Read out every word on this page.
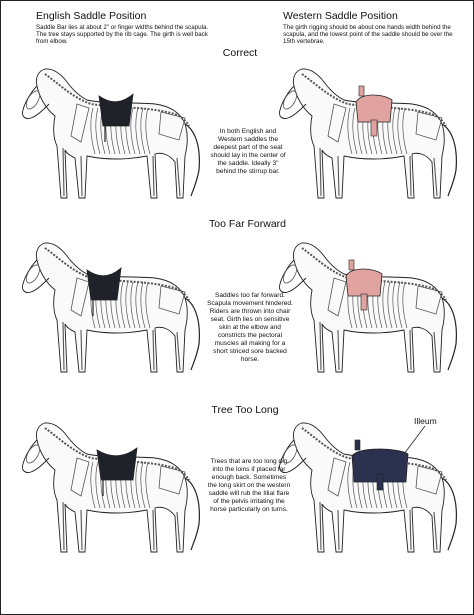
English Saddle Position
Saddle Bar lies at about 2" or finger widths behind the scapula. The tree stays supported by the rib cage. The girth is well back from elbow.
Western Saddle Position
The girth rigging should be about one hands width behind the scapula, and the lowest point of the saddle should be over the 15th vertebrae.
Correct
Too Far Forward
Tree Too Long
In both English and Western saddles the deepest part of the seat should lay in the center of the saddle. Ideally 3" behind the stirrup bar.
Saddles too far forward. Scapula movement hindered. Riders are thrown into chair seat. Girth lies on sensitive skin at the elbow and constricts the pectoral muscles all making for a short striced sore backed horse.
Trees that are too long dig into the loins if placed far enough back. Sometimes the long skirt on the western saddle will rub the Illial flare of the pelvis irritating the horse particularly on turns.
Illeum
